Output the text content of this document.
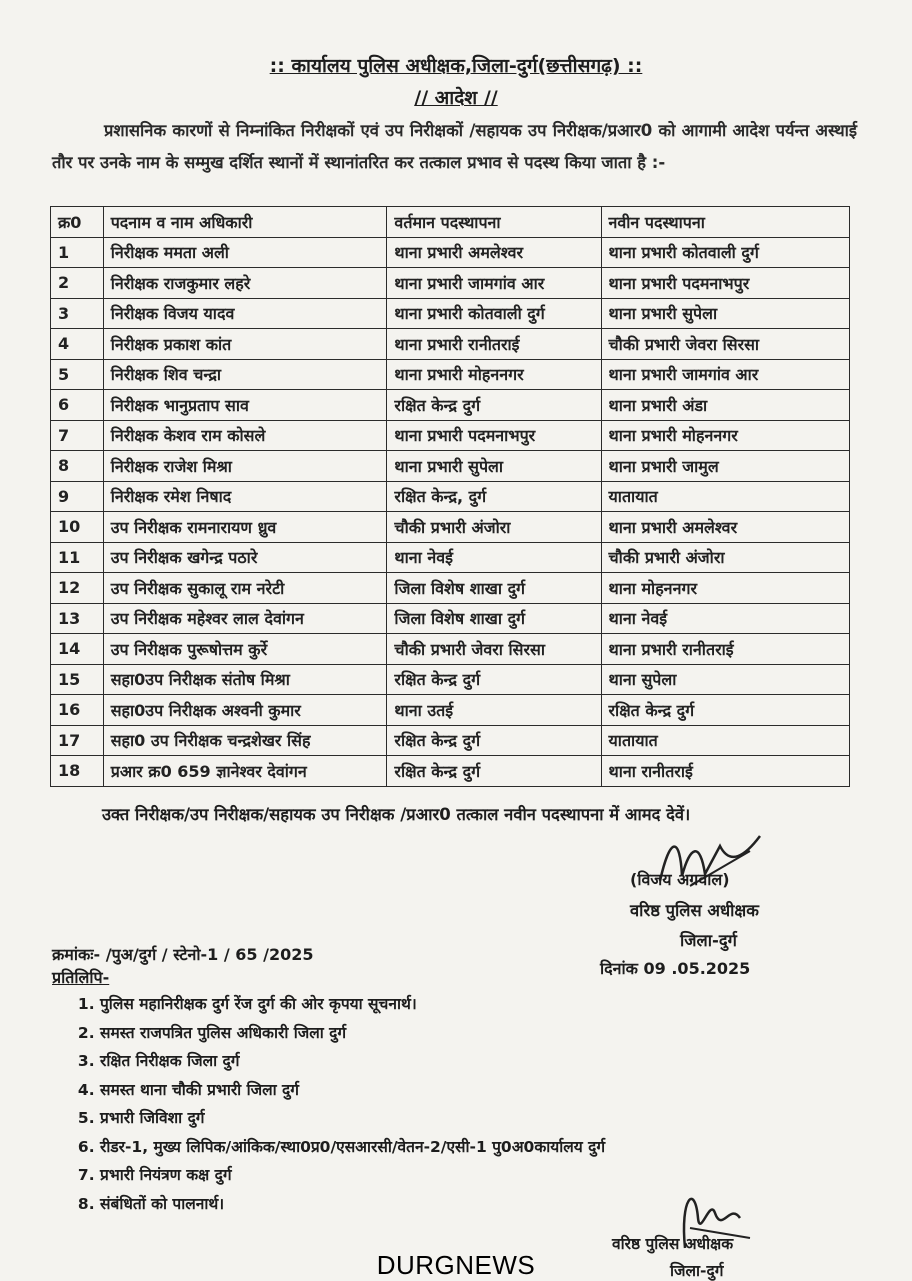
:: कार्यालय पुलिस अधीक्षक,जिला-दुर्ग(छत्तीसगढ़) ::
// आदेश //
प्रशासनिक कारणों से निम्नांकित निरीक्षकों एवं उप निरीक्षकों /सहायक उप निरीक्षक/प्रआर0 को आगामी आदेश पर्यन्त अस्थाई तौर पर उनके नाम के सम्मुख दर्शित स्थानों में स्थानांतरित कर तत्काल प्रभाव से पदस्थ किया जाता है :-
क्र0	पदनाम व नाम अधिकारी	वर्तमान पदस्थापना	नवीन पदस्थापना
1	निरीक्षक ममता अली	थाना प्रभारी अमलेश्वर	थाना प्रभारी कोतवाली दुर्ग
2	निरीक्षक राजकुमार लहरे	थाना प्रभारी जामगांव आर	थाना प्रभारी पदमनाभपुर
3	निरीक्षक विजय यादव	थाना प्रभारी कोतवाली दुर्ग	थाना प्रभारी सुपेला
4	निरीक्षक प्रकाश कांत	थाना प्रभारी रानीतराई	चौकी प्रभारी जेवरा सिरसा
5	निरीक्षक शिव चन्द्रा	थाना प्रभारी मोहननगर	थाना प्रभारी जामगांव आर
6	निरीक्षक भानुप्रताप साव	रक्षित केन्द्र दुर्ग	थाना प्रभारी अंडा
7	निरीक्षक केशव राम कोसले	थाना प्रभारी पदमनाभपुर	थाना प्रभारी मोहननगर
8	निरीक्षक राजेश मिश्रा	थाना प्रभारी सुपेला	थाना प्रभारी जामुल
9	निरीक्षक रमेश निषाद	रक्षित केन्द्र, दुर्ग	यातायात
10	उप निरीक्षक रामनारायण ध्रुव	चौकी प्रभारी अंजोरा	थाना प्रभारी अमलेश्वर
11	उप निरीक्षक खगेन्द्र पठारे	थाना नेवई	चौकी प्रभारी अंजोरा
12	उप निरीक्षक सुकालू राम नरेटी	जिला विशेष शाखा दुर्ग	थाना मोहननगर
13	उप निरीक्षक महेश्वर लाल देवांगन	जिला विशेष शाखा दुर्ग	थाना नेवई
14	उप निरीक्षक पुरूषोत्तम कुर्रे	चौकी प्रभारी जेवरा सिरसा	थाना प्रभारी रानीतराई
15	सहा0उप निरीक्षक संतोष मिश्रा	रक्षित केन्द्र दुर्ग	थाना सुपेला
16	सहा0उप निरीक्षक अश्वनी कुमार	थाना उतई	रक्षित केन्द्र दुर्ग
17	सहा0 उप निरीक्षक चन्द्रशेखर सिंह	रक्षित केन्द्र दुर्ग	यातायात
18	प्रआर क्र0 659 ज्ञानेश्वर देवांगन	रक्षित केन्द्र दुर्ग	थाना रानीतराई
उक्त निरीक्षक/उप निरीक्षक/सहायक उप निरीक्षक /प्रआर0 तत्काल नवीन पदस्थापना में आमद देवें।
(विजय अग्रवाल)
वरिष्ठ पुलिस अधीक्षक
जिला-दुर्ग
क्रमांकः- /पुअ/दुर्ग / स्टेनो-1 / 65 /2025
दिनांक 09 .05.2025
प्रतिलिपि-
1. पुलिस महानिरीक्षक दुर्ग रेंज दुर्ग की ओर कृपया सूचनार्थ।
2. समस्त राजपत्रित पुलिस अधिकारी जिला दुर्ग
3. रक्षित निरीक्षक जिला दुर्ग
4. समस्त थाना चौकी प्रभारी जिला दुर्ग
5. प्रभारी जिविशा दुर्ग
6. रीडर-1, मुख्य लिपिक/आंकिक/स्था0प्र0/एसआरसी/वेतन-2/एसी-1 पु0अ0कार्यालय दुर्ग
7. प्रभारी नियंत्रण कक्ष दुर्ग
8. संबंधितों को पालनार्थ।
वरिष्ठ पुलिस अधीक्षक
जिला-दुर्ग
DURGNEWS
